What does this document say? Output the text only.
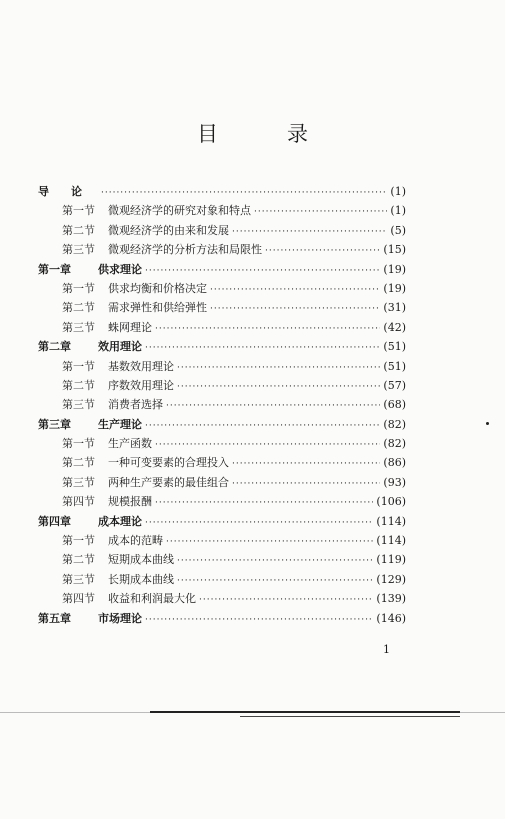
目　录
导　　论 ·····	(1)
第一节	微观经济学的研究对象和特点 ·····	(1)
第二节	微观经济学的由来和发展 ·····	(5)
第三节	微观经济学的分析方法和局限性 ·····	(15)
第一章	供求理论 ·····	(19)
第一节	供求均衡和价格决定 ·····	(19)
第二节	需求弹性和供给弹性 ·····	(31)
第三节	蛛网理论 ·····	(42)
第二章	效用理论 ·····	(51)
第一节	基数效用理论 ·····	(51)
第二节	序数效用理论 ·····	(57)
第三节	消费者选择 ·····	(68)
第三章	生产理论 ·····	(82)
第一节	生产函数 ·····	(82)
第二节	一种可变要素的合理投入 ·····	(86)
第三节	两种生产要素的最佳组合 ·····	(93)
第四节	规模报酬 ·····	(106)
第四章	成本理论 ·····	(114)
第一节	成本的范畴 ·····	(114)
第二节	短期成本曲线 ·····	(119)
第三节	长期成本曲线 ·····	(129)
第四节	收益和利润最大化 ·····	(139)
第五章	市场理论 ·····	(146)
1
